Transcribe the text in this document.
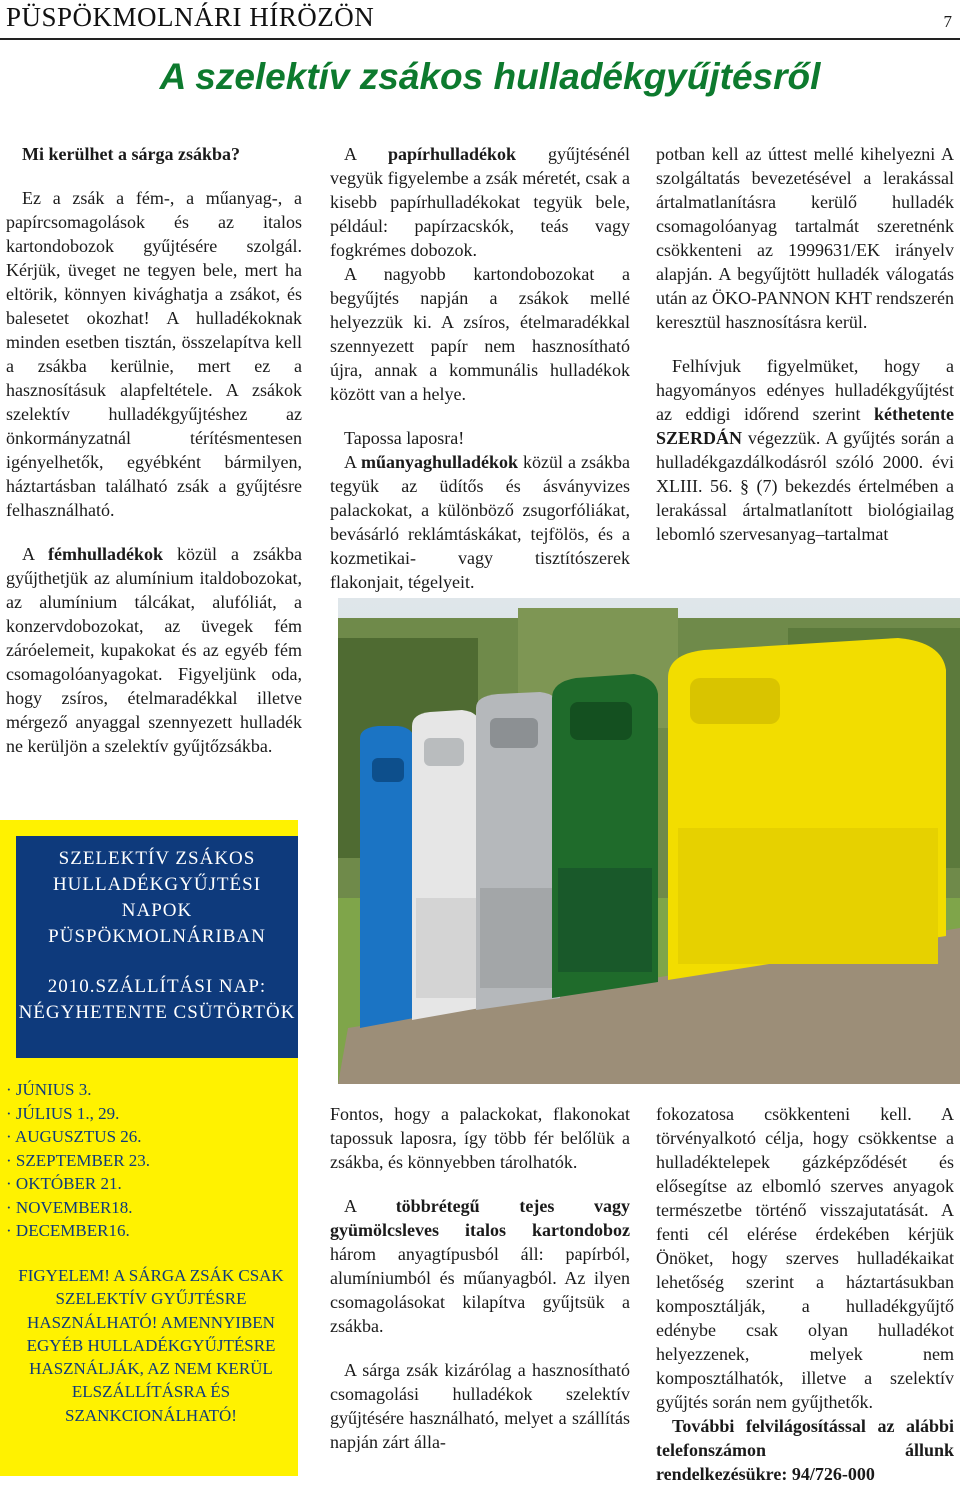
PÜSPÖKMOLNÁRI HÍRÖZÖN	7
A szelektív zsákos hulladékgyűjtésről

Mi kerülhet a sárga zsákba?

Ez a zsák a fém-, a műanyag-, a papírcsomagolások és az italos kartondobozok gyűjtésére szolgál. Kérjük, üveget ne tegyen bele, mert ha eltörik, könnyen kivághatja a zsákot, és balesetet okozhat! A hulladékoknak minden esetben tisztán, összelapítva kell a zsákba kerülnie, mert ez a hasznosításuk alapfeltétele. A zsákok szelektív hulladékgyűjtéshez az önkormányzatnál térítésmentesen igényelhetők, egyébként bármilyen, háztartásban található zsák a gyűjtésre felhasználható.

A fémhulladékok közül a zsákba gyűjthetjük az alumínium italdobozokat, az alumínium tálcákat, alufóliát, a konzervdobozokat, az üvegek fém záróelemeit, kupakokat és az egyéb fém csomagolóanyagokat. Figyeljünk oda, hogy zsíros, ételmaradékkal illetve mérgező anyaggal szennyezett hulladék ne kerüljön a szelektív gyűjtőzsákba.

A papírhulladékok gyűjtésénél vegyük figyelembe a zsák méretét, csak a kisebb papírhulladékokat tegyük bele, például: papírzacskók, teás vagy fogkrémes dobozok.

A nagyobb kartondobozokat a begyűjtés napján a zsákok mellé helyezzük ki. A zsíros, ételmaradékkal szennyezett papír nem hasznosítható újra, annak a kommunális hulladékok között van a helye.

Tapossa laposra!

A műanyaghulladékok közül a zsákba tegyük az üdítős és ásványvizes palackokat, a különböző zsugorfóliákat, bevásárló reklámtáskákat, tejfölös, és a kozmetikai- vagy tisztítószerek flakonjait, tégelyeit.

potban kell az úttest mellé kihelyezni A szolgáltatás bevezetésével a lerakással ártalmatlanításra kerülő hulladék csomagolóanyag tartalmát szeretnénk csökkenteni az 1999631/EK irányelv alapján. A begyűjtött hulladék válogatás után az ÖKO-PANNON KHT rendszerén keresztül hasznosításra kerül.

Felhívjuk figyelmüket, hogy a hagyományos edényes hulladékgyűjtést az eddigi időrend szerint kéthetente SZERDÁN végezzük. A gyűjtés során a hulladékgazdálkodásról szóló 2000. évi XLIII. 56. § (7) bekezdés értelmében a lerakással ártalmatlanított biológiailag lebomló szervesanyag–tartalmat

Fontos, hogy a palackokat, flakonokat tapossuk laposra, így több fér belőlük a zsákba, és könnyebben tárolhatók.

A többrétegű tejes vagy gyümölcsleves italos kartondoboz három anyagtípusból áll: papírból, alumíniumból és műanyagból. Az ilyen csomagolásokat kilapítva gyűjtsük a zsákba.

A sárga zsák kizárólag a hasznosítható csomagolási hulladékok szelektív gyűjtésére használható, melyet a szállítás napján zárt álla-

fokozatosa csökkenteni kell. A törvényalkotó célja, hogy csökkentse a hulladéktelepek gázképződését és elősegítse az elbomló szerves anyagok természetbe történő visszajutatását. A fenti cél elérése érdekében kérjük Önöket, hogy szerves hulladékaikat lehetőség szerint a háztartásukban komposztálják, a hulladékgyűjtő edénybe csak olyan hulladékot helyezzenek, melyek nem komposztálhatók, illetve a szelektív gyűjtés során nem gyűjthetők.

További felvilágosítással az alábbi telefonszámon állunk rendelkezésükre: 94/726-000

SZELEKTÍV ZSÁKOS HULLADÉKGYŰJTÉSI NAPOK PÜSPÖKMOLNÁRIBAN
2010.SZÁLLÍTÁSI NAP: NÉGYHETENTE CSÜTÖRTÖK
· JÚNIUS 3.
· JÚLIUS 1., 29.
· AUGUSZTUS 26.
· SZEPTEMBER 23.
· OKTÓBER 21.
· NOVEMBER18.
· DECEMBER16.
FIGYELEM! A SÁRGA ZSÁK CSAK SZELEKTÍV GYŰJTÉSRE HASZNÁLHATÓ! AMENNYIBEN EGYÉB HULLADÉKGYŰJTÉSRE HASZNÁLJÁK, AZ NEM KERÜL ELSZÁLLÍTÁSRA ÉS SZANKCIONÁLHATÓ!
